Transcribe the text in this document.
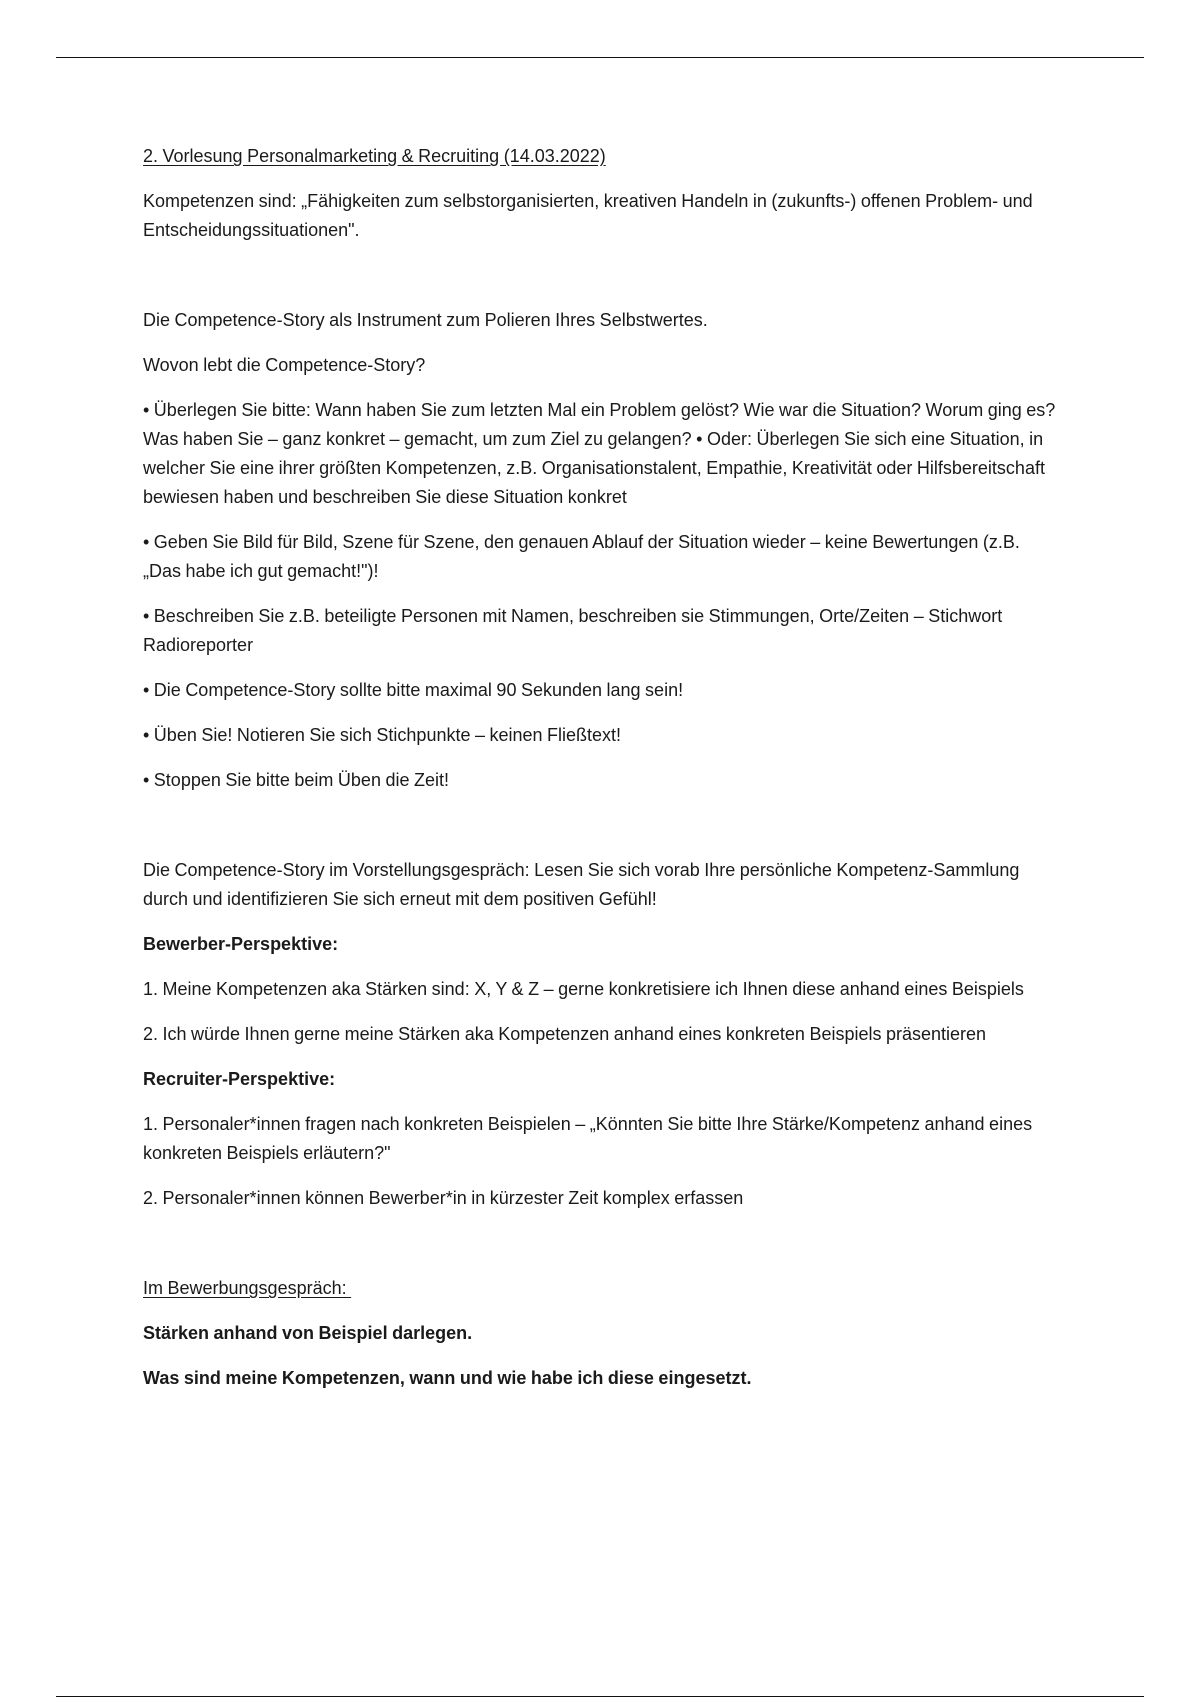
2. Vorlesung Personalmarketing & Recruiting (14.03.2022)

Kompetenzen sind: „Fähigkeiten zum selbstorganisierten, kreativen Handeln in (zukunfts-) offenen Problem- und Entscheidungssituationen".

Die Competence-Story als Instrument zum Polieren Ihres Selbstwertes.

Wovon lebt die Competence-Story?

• Überlegen Sie bitte: Wann haben Sie zum letzten Mal ein Problem gelöst? Wie war die Situation? Worum ging es? Was haben Sie – ganz konkret – gemacht, um zum Ziel zu gelangen? • Oder: Überlegen Sie sich eine Situation, in welcher Sie eine ihrer größten Kompetenzen, z.B. Organisationstalent, Empathie, Kreativität oder Hilfsbereitschaft bewiesen haben und beschreiben Sie diese Situation konkret

• Geben Sie Bild für Bild, Szene für Szene, den genauen Ablauf der Situation wieder – keine Bewertungen (z.B. „Das habe ich gut gemacht!")!

• Beschreiben Sie z.B. beteiligte Personen mit Namen, beschreiben sie Stimmungen, Orte/Zeiten – Stichwort Radioreporter

• Die Competence-Story sollte bitte maximal 90 Sekunden lang sein!

• Üben Sie! Notieren Sie sich Stichpunkte – keinen Fließtext!

• Stoppen Sie bitte beim Üben die Zeit!

Die Competence-Story im Vorstellungsgespräch: Lesen Sie sich vorab Ihre persönliche Kompetenz-Sammlung durch und identifizieren Sie sich erneut mit dem positiven Gefühl!

Bewerber-Perspektive:

1. Meine Kompetenzen aka Stärken sind: X, Y & Z – gerne konkretisiere ich Ihnen diese anhand eines Beispiels

2. Ich würde Ihnen gerne meine Stärken aka Kompetenzen anhand eines konkreten Beispiels präsentieren

Recruiter-Perspektive:

1. Personaler*innen fragen nach konkreten Beispielen – „Könnten Sie bitte Ihre Stärke/Kompetenz anhand eines konkreten Beispiels erläutern?"

2. Personaler*innen können Bewerber*in in kürzester Zeit komplex erfassen

Im Bewerbungsgespräch:

Stärken anhand von Beispiel darlegen.

Was sind meine Kompetenzen, wann und wie habe ich diese eingesetzt.
